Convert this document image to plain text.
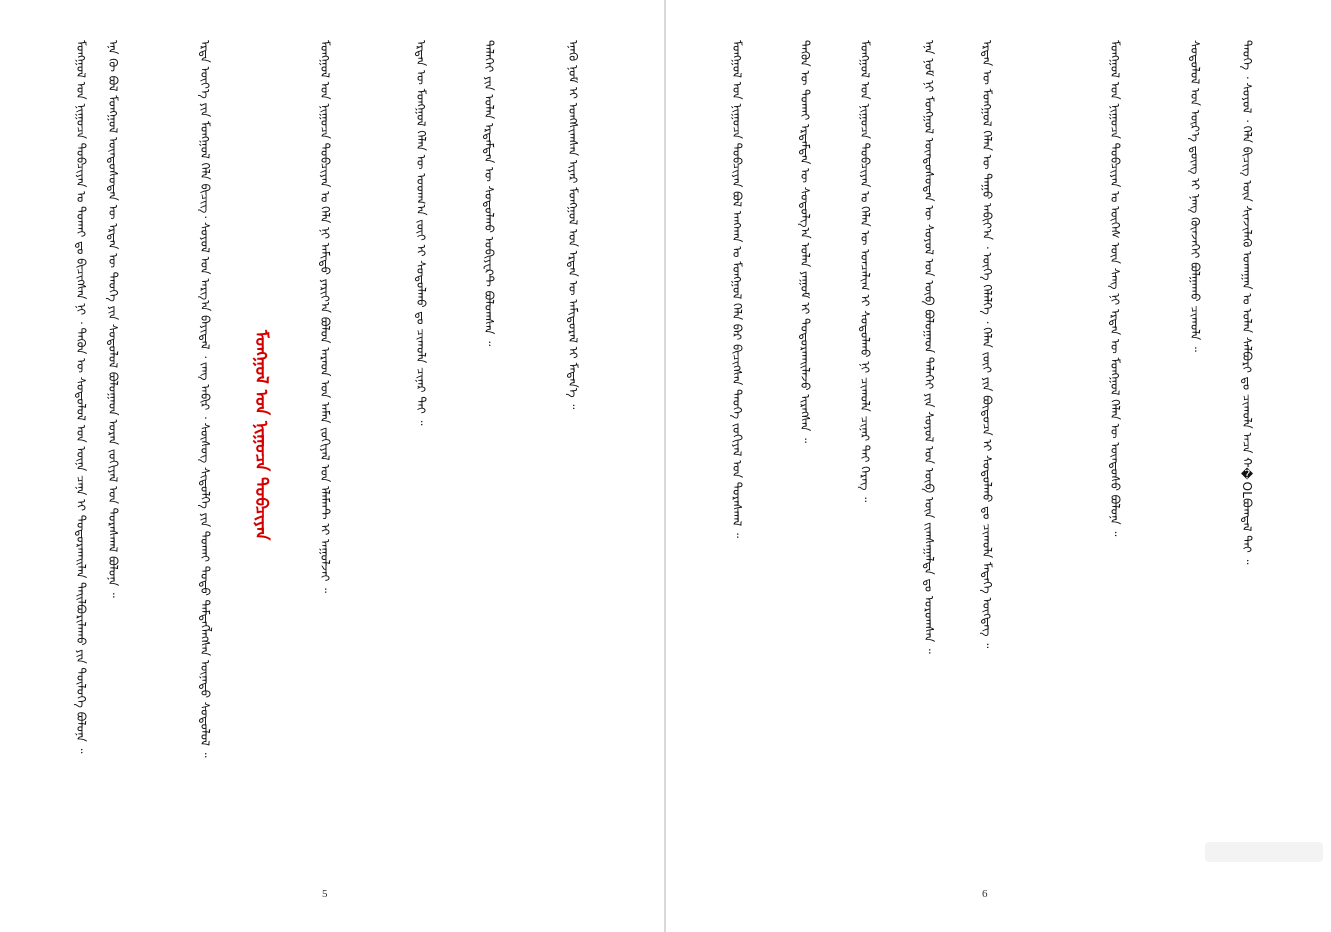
ᠮᠣᠩᠭᠣᠯ ᠤᠨ ᠨᠢᠭᠤᠴᠠ ᠲᠣᠪᠴᠢᠶᠠᠨ ᠤ ᠲᠤᠬᠠᠢ ᠳᠤ ᠪᠢᠴᠢᠭᠰᠡᠨ ᠨᠢ ᠂ ᠲᠡᠭᠦᠨ ᠦ ᠰᠤᠳᠤᠯᠤᠯ ᠤᠨ ᠦᠨᠡ ᠴᠡᠨᠡ ᠢ ᠲᠣᠳᠤᠷᠬᠠᠢᠯᠠᠨ ᠲᠠᠢᠯᠪᠤᠷᠢᠯᠠᠬᠤ ᠶᠢᠨ ᠲᠥᠯᠥᠭᠡ ᠪᠣᠯᠤᠨᠠ ᠃ ᠡᠨᠡ ᠬᠦ ᠪᠣᠯ ᠮᠣᠩᠭᠣᠯ ᠦᠨᠳᠦᠰᠦᠲᠡᠨ ᠦ ᠡᠷᠲᠡᠨ ᠦ ᠲᠡᠦᠬᠡ ᠶᠢᠨ ᠰᠤᠳᠤᠯᠤᠯ ᠪᠣᠯᠤᠭᠠᠳ ᠤᠷᠠᠨ ᠵᠣᠬᠢᠶᠠᠯ ᠤᠨ ᠳᠤᠷᠠᠰᠬᠠᠯ ᠪᠣᠯᠤᠨᠠ ᠃	ᠡᠷᠲᠡ ᠦᠶ᠎ᠡ ᠶᠢᠨ ᠮᠣᠩᠭᠣᠯ ᠬᠡᠯᠡ ᠪᠢᠴᠢᠭ᠂ ᠰᠣᠶᠣᠯ ᠤᠨ ᠠᠷᠭ᠎ᠠ ᠪᠠᠶᠢᠳᠠᠯ ᠂ ᠵᠠᠩ ᠠᠪᠢᠷ ᠂ ᠰᠦᠰᠦᠭ ᠰᠢᠲᠦᠯᠭᠡ ᠶᠢᠨ ᠲᠤᠬᠠᠢ ᠲᠣᠳᠤ ᠲᠡᠮᠳᠡᠭᠯᠡᠭᠰᠡᠨ ᠦᠨᠡᠲᠦ ᠰᠤᠳᠤᠯᠤᠯ ᠃ ᠮᠣᠩᠭᠣᠯ ᠤᠨ ᠨᠢᠭᠤᠴᠠ ᠲᠣᠪᠴᠢᠶᠠᠨ	ᠮᠣᠩᠭᠣᠯ ᠤᠨ ᠨᠢᠭᠤᠴᠠ ᠲᠣᠪᠴᠢᠶᠠᠨ ᠤ ᠬᠡᠯᠡ ᠨᠢ ᠠᠮᠢᠳᠤ ᠶᠠᠷᠢᠶ᠎ᠠ ᠪᠣᠯᠤᠨ ᠠᠷᠠᠳ ᠤᠨ ᠠᠮᠠᠨ ᠵᠣᠬᠢᠶᠠᠯ ᠤᠨ ᠡᠯᠡᠮᠡᠨᠲ ᠢ ᠠᠭᠤᠯᠵᠠᠢ ᠃	ᠡᠷᠲᠡᠨ ᠦ ᠮᠣᠩᠭᠣᠯ ᠬᠡᠯᠡᠨ ᠦ ᠤᠳᠬ᠎ᠠ ᠵᠦᠢ ᠢ ᠰᠤᠳᠤᠯᠬᠤ ᠳᠤ ᠴᠢᠬᠤᠯᠠ ᠴᠢᠨᠠᠷ ᠲᠠᠢ ᠃	ᠳᠡᠯᠡᠬᠡᠢ ᠶᠢᠨ ᠣᠯᠠᠨ ᠡᠷᠳᠡᠮᠲᠡᠨ ᠦ ᠰᠤᠳᠤᠯᠬᠤ ᠣᠪᠢᠶᠧᠺᠲ ᠪᠣᠯᠤᠭᠰᠠᠨ ᠃	ᠡᠨᠡᠬᠦ ᠨᠣᠮ ᠢ ᠤᠩᠰᠢᠭᠰᠠᠨ ᠢᠶᠠᠷ ᠮᠣᠩᠭᠣᠯ ᠤᠨ ᠡᠷᠲᠡᠨ ᠦ ᠠᠮᠢᠳᠤᠷᠠᠯ ᠢ ᠮᠡᠳᠡᠨ᠎ᠡ ᠃
5
ᠮᠣᠩᠭᠣᠯ ᠤᠨ ᠨᠢᠭᠤᠴᠠ ᠲᠣᠪᠴᠢᠶᠠᠨ ᠪᠣᠯ ᠠᠩᠬᠠᠨ ᠤ ᠮᠣᠩᠭᠣᠯ ᠬᠡᠯᠡ ᠪᠡᠷ ᠪᠢᠴᠢᠭᠰᠡᠨ ᠲᠡᠦᠬᠡ ᠵᠣᠬᠢᠶᠠᠯ ᠤᠨ ᠳᠤᠷᠠᠰᠬᠠᠯ ᠃	ᠲᠡᠭᠦᠨ ᠦ ᠲᠤᠬᠠᠢ ᠡᠷᠳᠡᠮᠲᠡᠨ ᠦ ᠰᠤᠳᠤᠯᠭ᠎ᠠ ᠣᠯᠠᠨ ᠶᠠᠭᠤᠮ ᠢ ᠲᠣᠳᠤᠷᠬᠠᠢᠯᠠᠵᠤ ᠢᠷᠡᠭᠰᠡᠨ ᠃	ᠮᠣᠩᠭᠣᠯ ᠤᠨ ᠨᠢᠭᠤᠴᠠ ᠲᠣᠪᠴᠢᠶᠠᠨ ᠤ ᠬᠡᠯᠡᠨ ᠦ ᠣᠨᠴᠠᠯᠢᠭ ᠢ ᠰᠤᠳᠤᠯᠬᠤ ᠨᠢ ᠴᠢᠬᠤᠯᠠ ᠴᠢᠨᠠᠷ ᠲᠠᠢ ᠬᠡᠷᠡᠭ ᠃	ᠡᠨᠡ ᠨᠣᠮ ᠨᠢ ᠮᠣᠩᠭᠣᠯ ᠦᠨᠳᠦᠰᠦᠲᠡᠨ ᠦ ᠰᠣᠶᠣᠯ ᠤᠨ ᠥᠪ ᠪᠣᠯᠤᠭᠠᠳ ᠳᠡᠯᠡᠬᠡᠢ ᠶᠢᠨ ᠰᠣᠶᠣᠯ ᠤᠨ ᠥᠪ ᠦᠨ ᠵᠢᠭᠰᠠᠭᠠᠯᠲᠠ ᠳᠤ ᠣᠷᠣᠭᠰᠠᠨ ᠃	ᠡᠷᠲᠡᠨ ᠦ ᠮᠣᠩᠭᠣᠯ ᠬᠡᠯᠡᠨ ᠦ ᠳᠠᠭᠤ ᠠᠪᠢᠶ᠎ᠠ ᠂ ᠦᠭᠡ ᠬᠡᠯᠡᠯᠭᠡ ᠂ ᠬᠡᠯᠡᠨ ᠵᠦᠢ ᠶᠢᠨ ᠪᠦᠲᠦᠴᠡ ᠢ ᠰᠤᠳᠤᠯᠬᠤ ᠳᠤ ᠴᠢᠬᠤᠯᠠ ᠮᠡᠳᠡᠭᠡ ᠥᠭᠳᠡᠭ ᠃	ᠮᠣᠩᠭᠣᠯ ᠤᠨ ᠨᠢᠭᠤᠴᠠ ᠲᠣᠪᠴᠢᠶᠠᠨ ᠤ ᠦᠭᠡᠰ ᠦᠨ ᠰᠠᠩ ᠨᠢ ᠡᠷᠲᠡᠨ ᠦ ᠮᠣᠩᠭᠣᠯ ᠬᠡᠯᠡᠨ ᠦ ᠦᠨᠳᠦᠰᠦ ᠪᠣᠯᠤᠨᠠ ᠃	ᠰᠤᠳᠤᠯᠤᠯ ᠤᠨ ᠦᠷ᠎ᠡ ᠳ᠋ᠦᠩ ᠢ ᠨᠡᠩ ᠭᠦᠨᠵᠡᠭᠡᠢ ᠪᠣᠯᠭᠠᠬᠤ ᠴᠢᠬᠤᠯᠠ ᠃	ᠲᠡᠦᠬᠡ ᠂ ᠰᠣᠶᠣᠯ ᠂ ᠬᠡᠯᠡ ᠪᠢᠴᠢᠭ ᠦᠨ ᠰᠢᠨᠵᠢᠯᠡᠬᠦ ᠤᠬᠠᠭᠠᠨ ᠤ ᠣᠯᠠᠨ ᠰᠠᠯᠪᠤᠷᠢ ᠳᠤ ᠴᠢᠬᠤᠯᠠ ᠠᠴᠠ ᠬ�OLᠪᠣᠭᠳᠠᠯ ᠲᠠᠢ ᠃
6
